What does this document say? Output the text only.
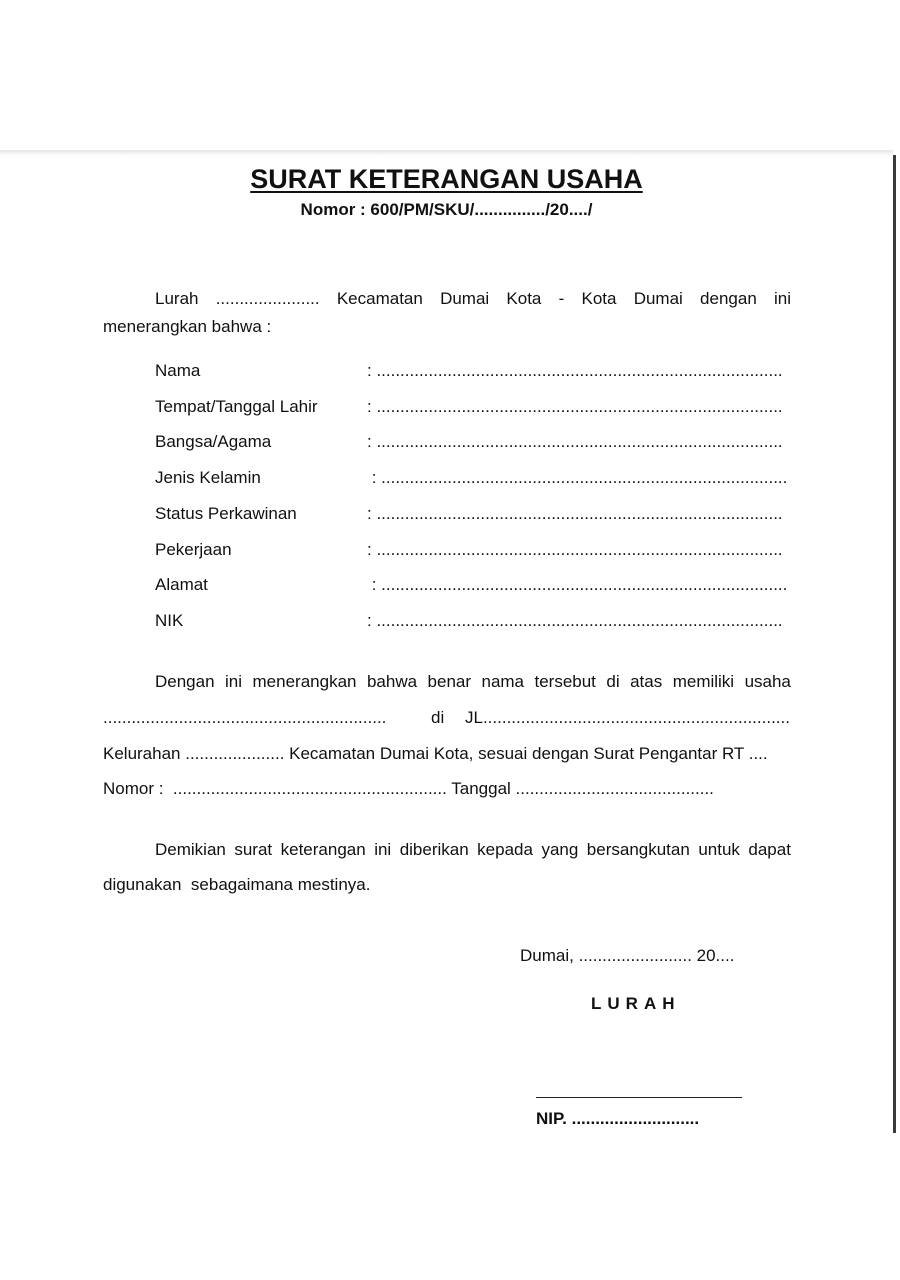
SURAT KETERANGAN USAHA
Nomor : 600/PM/SKU/.............../20..../
Lurah ...................... Kecamatan Dumai Kota - Kota Dumai dengan ini
menerangkan bahwa :
Nama	: ......................................................................................
Tempat/Tanggal Lahir	: ......................................................................................
Bangsa/Agama	: ......................................................................................
Jenis Kelamin	: ......................................................................................
Status Perkawinan	: ......................................................................................
Pekerjaan	: ......................................................................................
Alamat	: ......................................................................................
NIK	: ......................................................................................
Dengan ini menerangkan bahwa benar nama tersebut di atas memiliki usaha
............................................................	di JL.................................................................
Kelurahan ..................... Kecamatan Dumai Kota, sesuai dengan Surat Pengantar RT ....
Nomor :  .......................................................... Tanggal ..........................................
Demikian surat keterangan ini diberikan kepada yang bersangkutan untuk dapat
digunakan  sebagaimana mestinya.
Dumai, ........................ 20....
LURAH
NIP. ...........................
